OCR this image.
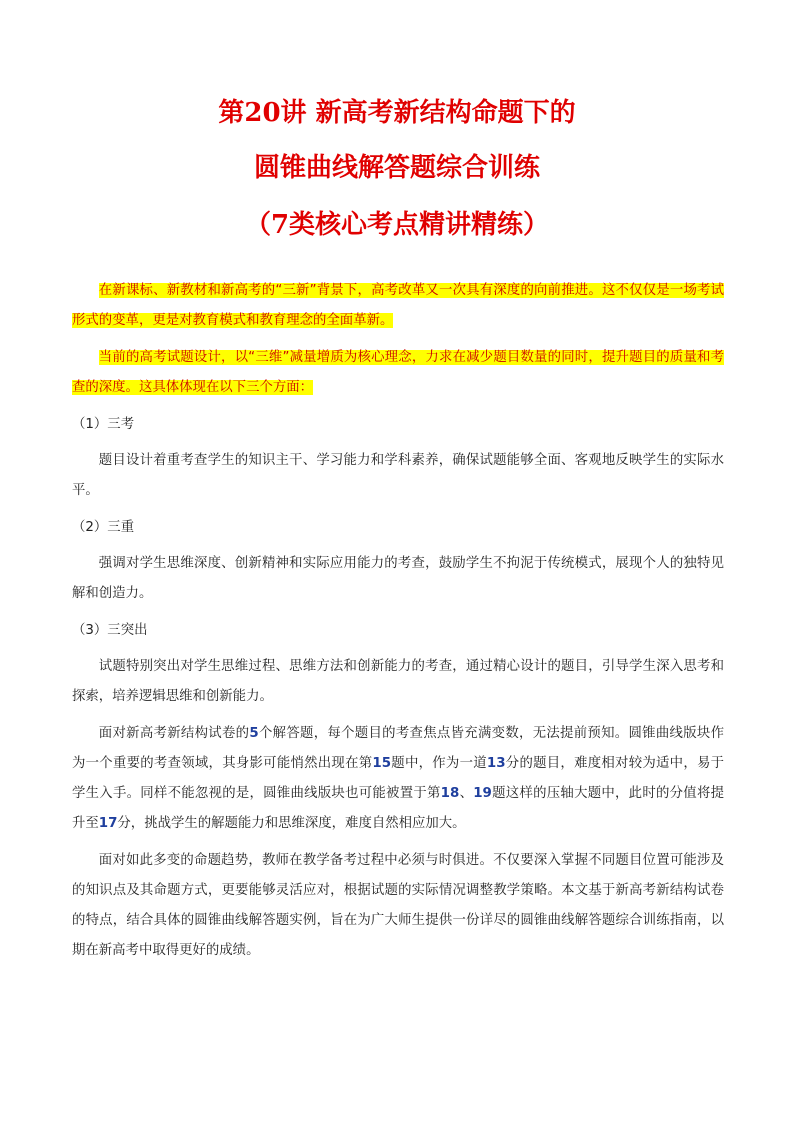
第20讲 新高考新结构命题下的
圆锥曲线解答题综合训练
（7类核心考点精讲精练）

在新课标、新教材和新高考的“三新”背景下，高考改革又一次具有深度的向前推进。这不仅仅是一场考试形式的变革，更是对教育模式和教育理念的全面革新。

当前的高考试题设计，以“三维”减量增质为核心理念，力求在减少题目数量的同时，提升题目的质量和考查的深度。这具体体现在以下三个方面：

（1）三考

题目设计着重考查学生的知识主干、学习能力和学科素养，确保试题能够全面、客观地反映学生的实际水平。

（2）三重

强调对学生思维深度、创新精神和实际应用能力的考查，鼓励学生不拘泥于传统模式，展现个人的独特见解和创造力。

（3）三突出

试题特别突出对学生思维过程、思维方法和创新能力的考查，通过精心设计的题目，引导学生深入思考和探索，培养逻辑思维和创新能力。

面对新高考新结构试卷的5个解答题，每个题目的考查焦点皆充满变数，无法提前预知。圆锥曲线版块作为一个重要的考查领域，其身影可能悄然出现在第15题中，作为一道13分的题目，难度相对较为适中，易于学生入手。同样不能忽视的是，圆锥曲线版块也可能被置于第18、19题这样的压轴大题中，此时的分值将提升至17分，挑战学生的解题能力和思维深度，难度自然相应加大。

面对如此多变的命题趋势，教师在教学备考过程中必须与时俱进。不仅要深入掌握不同题目位置可能涉及的知识点及其命题方式，更要能够灵活应对，根据试题的实际情况调整教学策略。本文基于新高考新结构试卷的特点，结合具体的圆锥曲线解答题实例，旨在为广大师生提供一份详尽的圆锥曲线解答题综合训练指南，以期在新高考中取得更好的成绩。
